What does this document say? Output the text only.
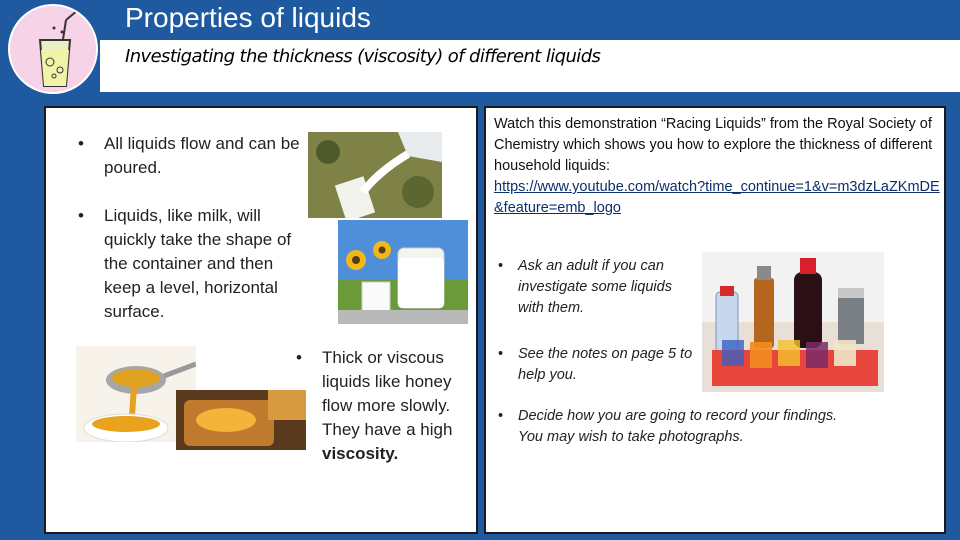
Properties of liquids
Investigating the thickness (viscosity) of different liquids
• All liquids flow and can be poured.
• Liquids, like milk, will quickly take the shape of the container and then keep a level, horizontal surface.
• Thick or viscous liquids like honey flow more slowly. They have a high viscosity.
Watch this demonstration “Racing Liquids” from the Royal Society of Chemistry which shows you how to explore the thickness of different household liquids:
https://www.youtube.com/watch?time_continue=1&v=m3dzLaZKmDE&feature=emb_logo
• Ask an adult if you can investigate some liquids with them.
• See the notes on page 5 to help you.
• Decide how you are going to record your findings. You may wish to take photographs.
